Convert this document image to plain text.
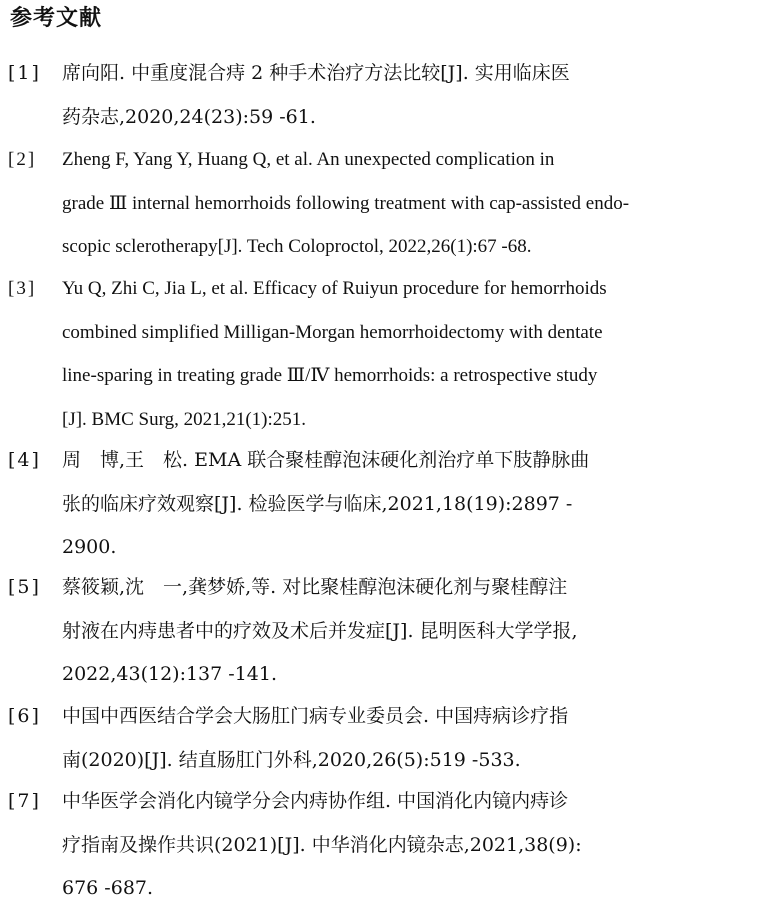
参考文献
[1] 席向阳. 中重度混合痔 2 种手术治疗方法比较[J]. 实用临床医
药杂志,2020,24(23):59 -61.
[2] Zheng F, Yang Y, Huang Q, et al. An unexpected complication in
grade Ⅲ internal hemorrhoids following treatment with cap-assisted endo-
scopic sclerotherapy[J]. Tech Coloproctol, 2022,26(1):67 -68.
[3] Yu Q, Zhi C, Jia L, et al. Efficacy of Ruiyun procedure for hemorrhoids
combined simplified Milligan-Morgan hemorrhoidectomy with dentate
line-sparing in treating grade Ⅲ/Ⅳ hemorrhoids: a retrospective study
[J]. BMC Surg, 2021,21(1):251.
[4] 周　博,王　松. EMA 联合聚桂醇泡沫硬化剂治疗单下肢静脉曲
张的临床疗效观察[J]. 检验医学与临床,2021,18(19):2897 -
2900.
[5] 蔡筱颖,沈　一,龚梦娇,等. 对比聚桂醇泡沫硬化剂与聚桂醇注
射液在内痔患者中的疗效及术后并发症[J]. 昆明医科大学学报,
2022,43(12):137 -141.
[6] 中国中西医结合学会大肠肛门病专业委员会. 中国痔病诊疗指
南(2020)[J]. 结直肠肛门外科,2020,26(5):519 -533.
[7] 中华医学会消化内镜学分会内痔协作组. 中国消化内镜内痔诊
疗指南及操作共识(2021)[J]. 中华消化内镜杂志,2021,38(9):
676 -687.
